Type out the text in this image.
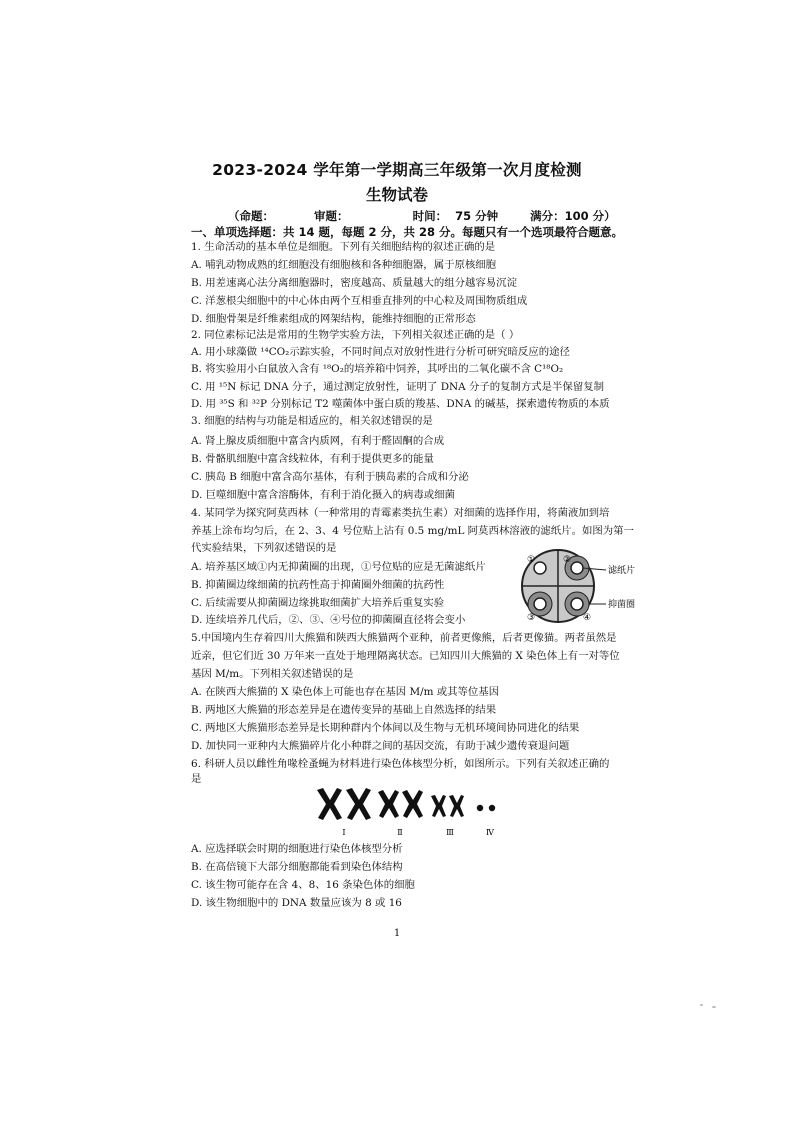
2023-2024 学年第一学期高三年级第一次月度检测
生物试卷
（命题：          审题：                时间：  75 分钟        满分：100 分）
一、单项选择题：共 14 题，每题 2 分，共 28 分。每题只有一个选项最符合题意。
1. 生命活动的基本单位是细胞。下列有关细胞结构的叙述正确的是
A. 哺乳动物成熟的红细胞没有细胞核和各种细胞器，属于原核细胞
B. 用差速离心法分离细胞器时，密度越高、质量越大的组分越容易沉淀
C. 洋葱根尖细胞中的中心体由两个互相垂直排列的中心粒及周围物质组成
D. 细胞骨架是纤维素组成的网架结构，能维持细胞的正常形态
2. 同位素标记法是常用的生物学实验方法，下列相关叙述正确的是（ ）
A. 用小球藻做 ¹⁴CO₂示踪实验，不同时间点对放射性进行分析可研究暗反应的途径
B. 将实验用小白鼠放入含有 ¹⁸O₂的培养箱中饲养，其呼出的二氧化碳不含 C¹⁸O₂
C. 用 ¹⁵N 标记 DNA 分子，通过测定放射性，证明了 DNA 分子的复制方式是半保留复制
D. 用 ³⁵S 和 ³²P 分别标记 T2 噬菌体中蛋白质的羧基、DNA 的碱基，探索遗传物质的本质
3. 细胞的结构与功能是相适应的，相关叙述错误的是
A. 肾上腺皮质细胞中富含内质网，有利于醛固酮的合成
B. 骨骼肌细胞中富含线粒体，有利于提供更多的能量
C. 胰岛 B 细胞中富含高尔基体，有利于胰岛素的合成和分泌
D. 巨噬细胞中富含溶酶体，有利于消化摄入的病毒或细菌
4. 某同学为探究阿莫西林（一种常用的青霉素类抗生素）对细菌的选择作用，将菌液加到培
养基上涂布均匀后，在 2、3、4 号位贴上沾有 0.5 mg/mL 阿莫西林溶液的滤纸片。如图为第一
代实验结果，下列叙述错误的是
A. 培养基区域①内无抑菌圈的出现，①号位贴的应是无菌滤纸片
B. 抑菌圈边缘细菌的抗药性高于抑菌圈外细菌的抗药性
C. 后续需要从抑菌圈边缘挑取细菌扩大培养后重复实验
D. 连续培养几代后，②、③、④号位的抑菌圈直径将会变小
5.中国境内生存着四川大熊猫和陕西大熊猫两个亚种，前者更像熊，后者更像猫。两者虽然是
近亲，但它们近 30 万年来一直处于地理隔离状态。已知四川大熊猫的 X 染色体上有一对等位
基因 M/m。下列相关叙述错误的是
A. 在陕西大熊猫的 X 染色体上可能也存在基因 M/m 或其等位基因
B. 两地区大熊猫的形态差异是在遗传变异的基础上自然选择的结果
C. 两地区大熊猫形态差异是长期种群内个体间以及生物与无机环境间协同进化的结果
D. 加快同一亚种内大熊猫碎片化小种群之间的基因交流，有助于减少遗传衰退问题
6. 科研人员以雌性角喙栓蚤蝇为材料进行染色体核型分析，如图所示。下列有关叙述正确的
是
A. 应选择联会时期的细胞进行染色体核型分析
B. 在高倍镜下大部分细胞都能看到染色体结构
C. 该生物可能存在含 4、8、16 条染色体的细胞
D. 该生物细胞中的 DNA 数量应该为 8 或 16
①	②
③	④
滤纸片
抑菌圈
Ⅰ	Ⅱ	Ⅲ	Ⅳ
1
